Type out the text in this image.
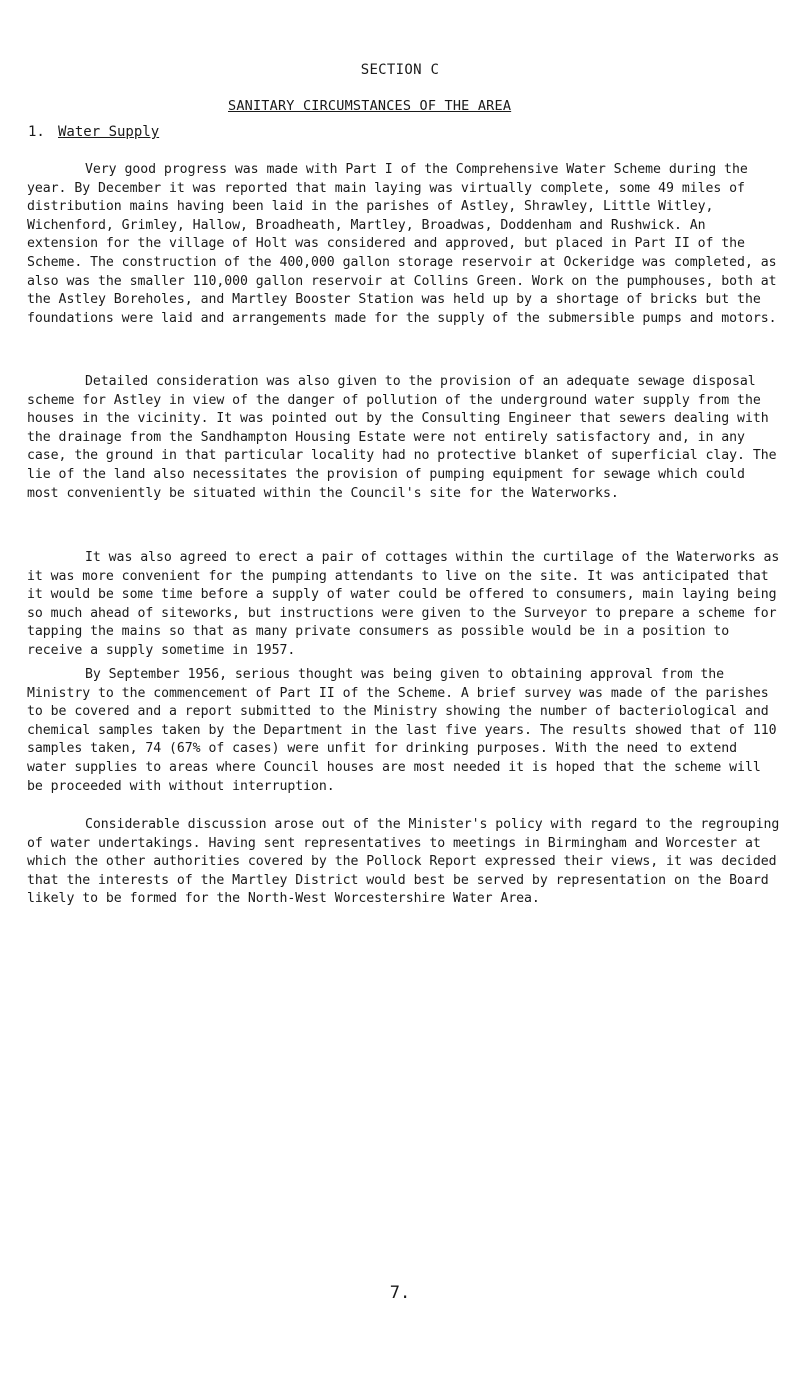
SECTION C
SANITARY CIRCUMSTANCES OF THE AREA
1. Water Supply
Very good progress was made with Part I of the Comprehensive Water Scheme during the year. By December it was reported that main laying was virtually complete, some 49 miles of distribution mains having been laid in the parishes of Astley, Shrawley, Little Witley, Wichenford, Grimley, Hallow, Broadheath, Martley, Broadwas, Doddenham and Rushwick. An extension for the village of Holt was considered and approved, but placed in Part II of the Scheme. The construction of the 400,000 gallon storage reservoir at Ockeridge was completed, as also was the smaller 110,000 gallon reservoir at Collins Green. Work on the pumphouses, both at the Astley Boreholes, and Martley Booster Station was held up by a shortage of bricks but the foundations were laid and arrangements made for the supply of the submersible pumps and motors.
Detailed consideration was also given to the provision of an adequate sewage disposal scheme for Astley in view of the danger of pollution of the underground water supply from the houses in the vicinity. It was pointed out by the Consulting Engineer that sewers dealing with the drainage from the Sandhampton Housing Estate were not entirely satisfactory and, in any case, the ground in that particular locality had no protective blanket of superficial clay. The lie of the land also necessitates the provision of pumping equipment for sewage which could most conveniently be situated within the Council's site for the Waterworks.
It was also agreed to erect a pair of cottages within the curtilage of the Waterworks as it was more convenient for the pumping attendants to live on the site. It was anticipated that it would be some time before a supply of water could be offered to consumers, main laying being so much ahead of siteworks, but instructions were given to the Surveyor to prepare a scheme for tapping the mains so that as many private consumers as possible would be in a position to receive a supply sometime in 1957.
By September 1956, serious thought was being given to obtaining approval from the Ministry to the commencement of Part II of the Scheme. A brief survey was made of the parishes to be covered and a report submitted to the Ministry showing the number of bacteriological and chemical samples taken by the Department in the last five years. The results showed that of 110 samples taken, 74 (67% of cases) were unfit for drinking purposes. With the need to extend water supplies to areas where Council houses are most needed it is hoped that the scheme will be proceeded with without interruption.
Considerable discussion arose out of the Minister's policy with regard to the regrouping of water undertakings. Having sent representatives to meetings in Birmingham and Worcester at which the other authorities covered by the Pollock Report expressed their views, it was decided that the interests of the Martley District would best be served by representation on the Board likely to be formed for the North-West Worcestershire Water Area.
7.
